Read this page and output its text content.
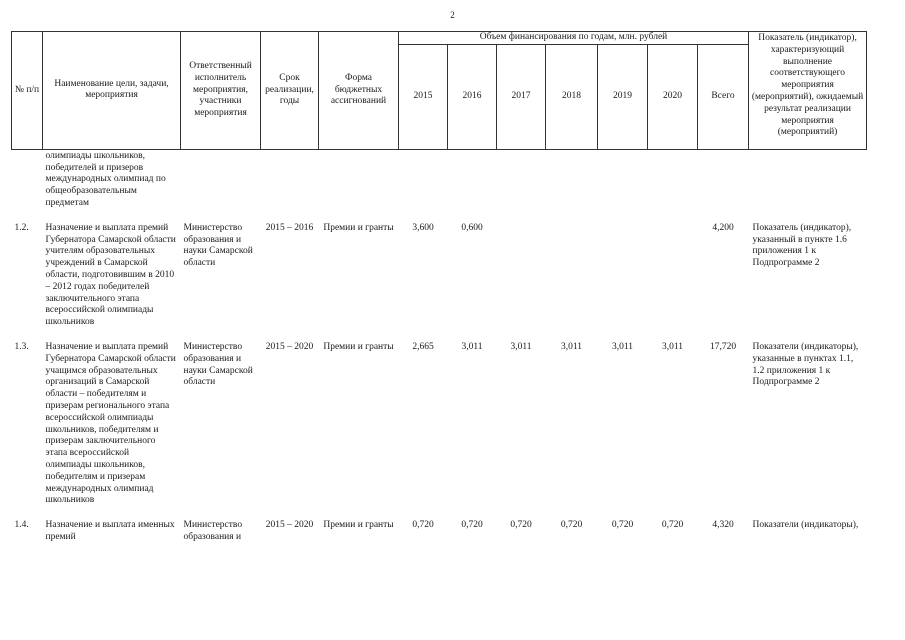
2
№ п/п	Наименование цели, задачи, мероприятия	Ответственный исполнитель мероприятия, участники мероприятия	Срок реализации, годы	Форма бюджетных ассигнований	Объем финансирования по годам, млн. рублей							Показатель (индикатор), характеризующий выполнение соответствующего мероприятия (мероприятий), ожидаемый результат реализации мероприятия (мероприятий)
					2015	2016	2017	2018	2019	2020	Всего	
	олимпиады школьников, победителей и призеров международных олимпиад по общеобразовательным предметам											
1.2.	Назначение и выплата премий Губернатора Самарской области учителям образовательных учреждений в Самарской области, подготовившим в 2010 – 2012 годах победителей заключительного этапа всероссийской олимпиады школьников	Министерство образования и науки Самарской области	2015 – 2016	Премии и гранты	3,600	0,600					4,200	Показатель (индикатор), указанный в пункте 1.6 приложения 1 к Подпрограмме 2
1.3.	Назначение и выплата премий Губернатора Самарской области учащимся образовательных организаций в Самарской области – победителям и призерам регионального этапа всероссийской олимпиады школьников, победителям и призерам заключительного этапа всероссийской олимпиады школьников, победителям и призерам международных олимпиад школьников	Министерство образования и науки Самарской области	2015 – 2020	Премии и гранты	2,665	3,011	3,011	3,011	3,011	3,011	17,720	Показатели (индикаторы), указанные в пунктах 1.1, 1.2 приложения 1 к Подпрограмме 2
1.4.	Назначение и выплата именных премий	Министерство образования и	2015 – 2020	Премии и гранты	0,720	0,720	0,720	0,720	0,720	0,720	4,320	Показатели (индикаторы),
